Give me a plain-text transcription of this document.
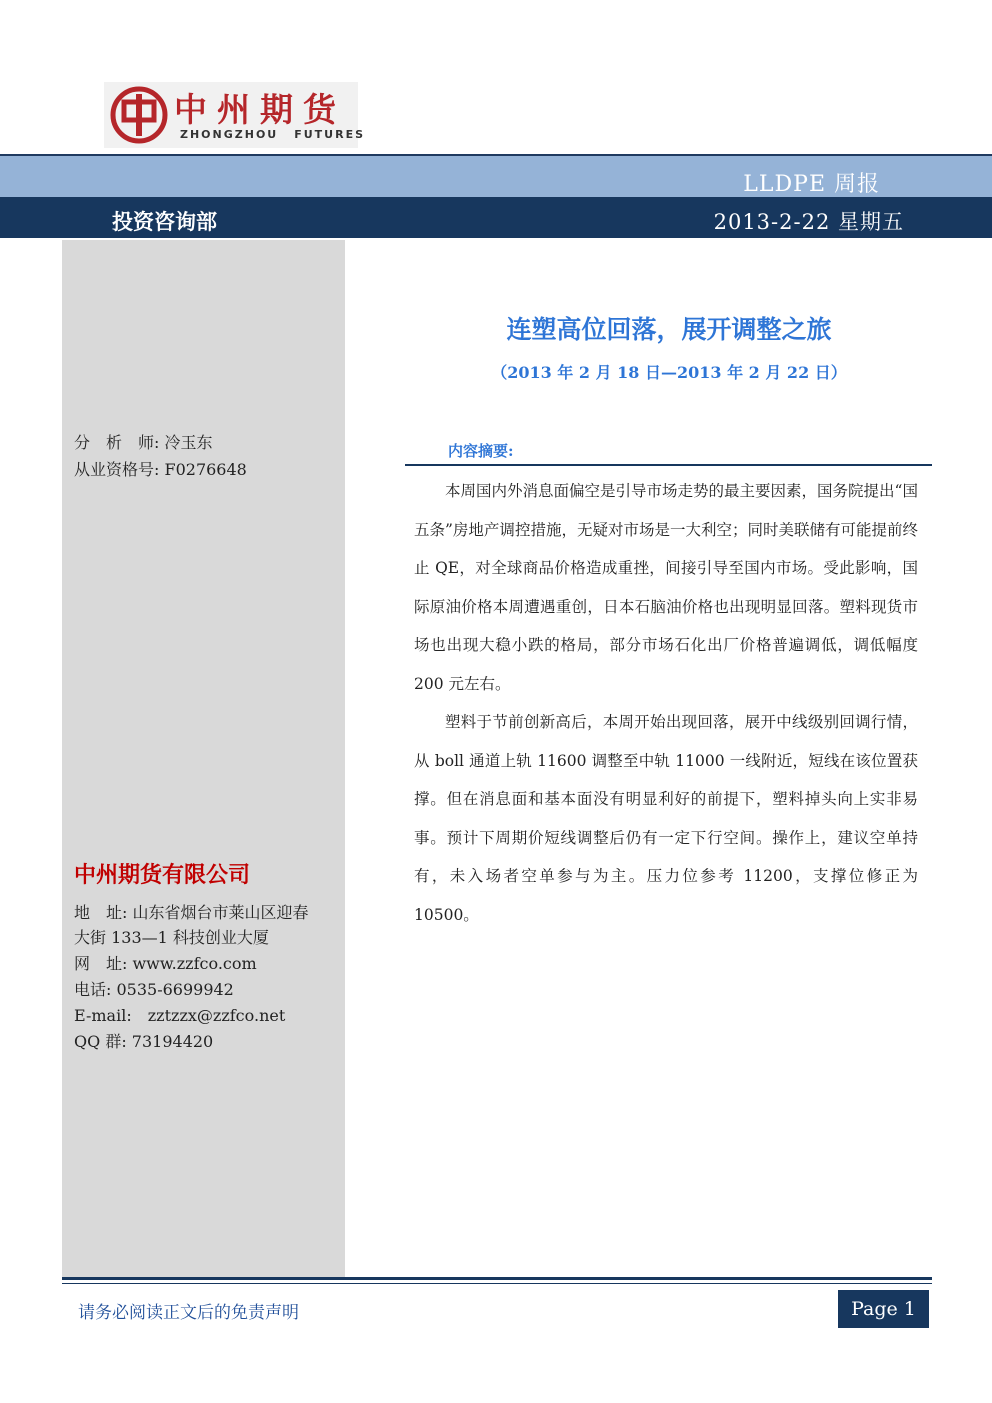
中州期货
ZHONGZHOU FUTURES
LLDPE 周报
投资咨询部	2013-2-22 星期五
分　析　师: 冷玉东
从业资格号: F0276648
中州期货有限公司
地　址: 山东省烟台市莱山区迎春
大街 133—1 科技创业大厦
网　址: www.zzfco.com
电话: 0535-6699942
E-mail:　zztzzx@zzfco.net
QQ 群: 73194420
连塑高位回落，展开调整之旅
（2013 年 2 月 18 日—2013 年 2 月 22 日）
内容摘要:

本周国内外消息面偏空是引导市场走势的最主要因素，国务院提出“国五条”房地产调控措施，无疑对市场是一大利空；同时美联储有可能提前终止 QE，对全球商品价格造成重挫，间接引导至国内市场。受此影响，国际原油价格本周遭遇重创，日本石脑油价格也出现明显回落。塑料现货市场也出现大稳小跌的格局，部分市场石化出厂价格普遍调低，调低幅度 200 元左右。

塑料于节前创新高后，本周开始出现回落，展开中线级别回调行情，从 boll 通道上轨 11600 调整至中轨 11000 一线附近，短线在该位置获撑。但在消息面和基本面没有明显利好的前提下，塑料掉头向上实非易事。预计下周期价短线调整后仍有一定下行空间。操作上，建议空单持有，未入场者空单参与为主。压力位参考 11200，支撑位修正为 10500。

请务必阅读正文后的免责声明	Page 1
